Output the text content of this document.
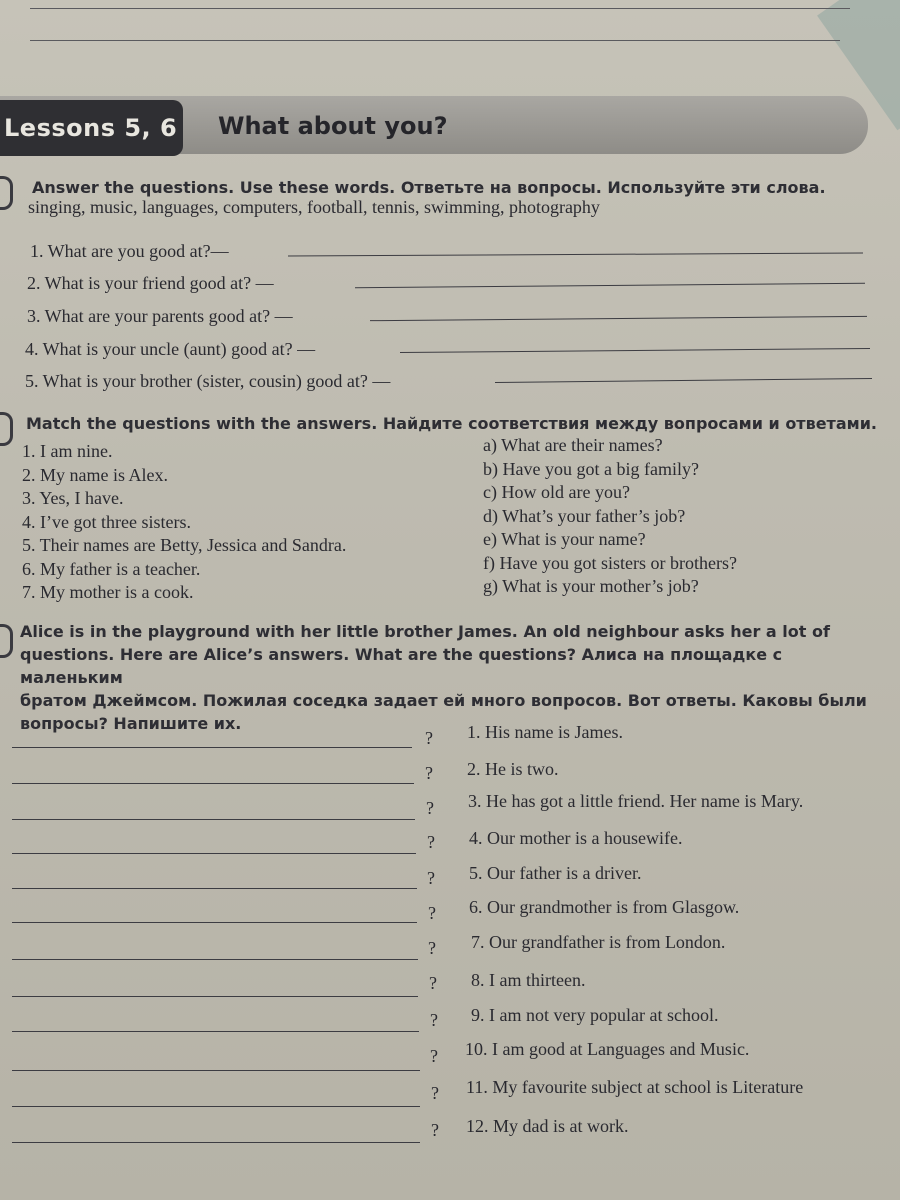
Lessons 5, 6 What about you?
Answer the questions. Use these words. Ответьте на вопросы. Используйте эти слова.
singing, music, languages, computers, football, tennis, swimming, photography
1. What are you good at?—
2. What is your friend good at? —
3. What are your parents good at? —
4. What is your uncle (aunt) good at? —
5. What is your brother (sister, cousin) good at? —
Match the questions with the answers. Найдите соответствия между вопросами и ответами.
1. I am nine.
2. My name is Alex.
3. Yes, I have.
4. I’ve got three sisters.
5. Their names are Betty, Jessica and Sandra.
6. My father is a teacher.
7. My mother is a cook.
a) What are their names?
b) Have you got a big family?
c) How old are you?
d) What’s your father’s job?
e) What is your name?
f) Have you got sisters or brothers?
g) What is your mother’s job?
Alice is in the playground with her little brother James. An old neighbour asks her a lot of
questions. Here are Alice’s answers. What are the questions? Алиса на площадке с маленьким
братом Джеймсом. Пожилая соседка задает ей много вопросов. Вот ответы. Каковы были
вопросы? Напишите их.
? 1. His name is James.
? 2. He is two.
? 3. He has got a little friend. Her name is Mary.
? 4. Our mother is a housewife.
? 5. Our father is a driver.
? 6. Our grandmother is from Glasgow.
? 7. Our grandfather is from London.
? 8. I am thirteen.
? 9. I am not very popular at school.
? 10. I am good at Languages and Music.
? 11. My favourite subject at school is Literature
? 12. My dad is at work.
